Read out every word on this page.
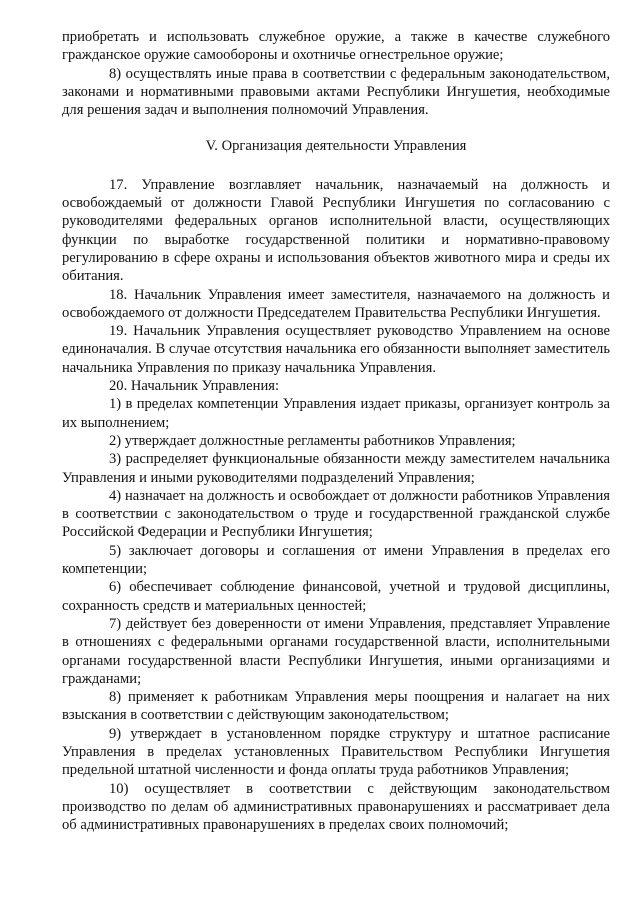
приобретать и использовать служебное оружие, а также в качестве служебного гражданское оружие самообороны и охотничье огнестрельное оружие;

8) осуществлять иные права в соответствии с федеральным законодательством, законами и нормативными правовыми актами Республики Ингушетия, необходимые для решения задач и выполнения полномочий Управления.

V. Организация деятельности Управления

17. Управление возглавляет начальник, назначаемый на должность и освобождаемый от должности Главой Республики Ингушетия по согласованию с руководителями федеральных органов исполнительной власти, осуществляющих функции по выработке государственной политики и нормативно-правовому регулированию в сфере охраны и использования объектов животного мира и среды их обитания.

18. Начальник Управления имеет заместителя, назначаемого на должность и освобождаемого от должности Председателем Правительства Республики Ингушетия.

19. Начальник Управления осуществляет руководство Управлением на основе единоначалия. В случае отсутствия начальника его обязанности выполняет заместитель начальника Управления по приказу начальника Управления.

20. Начальник Управления:

1) в пределах компетенции Управления издает приказы, организует контроль за их выполнением;

2) утверждает должностные регламенты работников Управления;

3) распределяет функциональные обязанности между заместителем начальника Управления и иными руководителями подразделений Управления;

4) назначает на должность и освобождает от должности работников Управления в соответствии с законодательством о труде и государственной гражданской службе Российской Федерации и Республики Ингушетия;

5) заключает договоры и соглашения от имени Управления в пределах его компетенции;

6) обеспечивает соблюдение финансовой, учетной и трудовой дисциплины, сохранность средств и материальных ценностей;

7) действует без доверенности от имени Управления, представляет Управление в отношениях с федеральными органами государственной власти, исполнительными органами государственной власти Республики Ингушетия, иными организациями и гражданами;

8) применяет к работникам Управления меры поощрения и налагает на них взыскания в соответствии с действующим законодательством;

9) утверждает в установленном порядке структуру и штатное расписание Управления в пределах установленных Правительством Республики Ингушетия предельной штатной численности и фонда оплаты труда работников Управления;

10) осуществляет в соответствии с действующим законодательством производство по делам об административных правонарушениях и рассматривает дела об административных правонарушениях в пределах своих полномочий;
